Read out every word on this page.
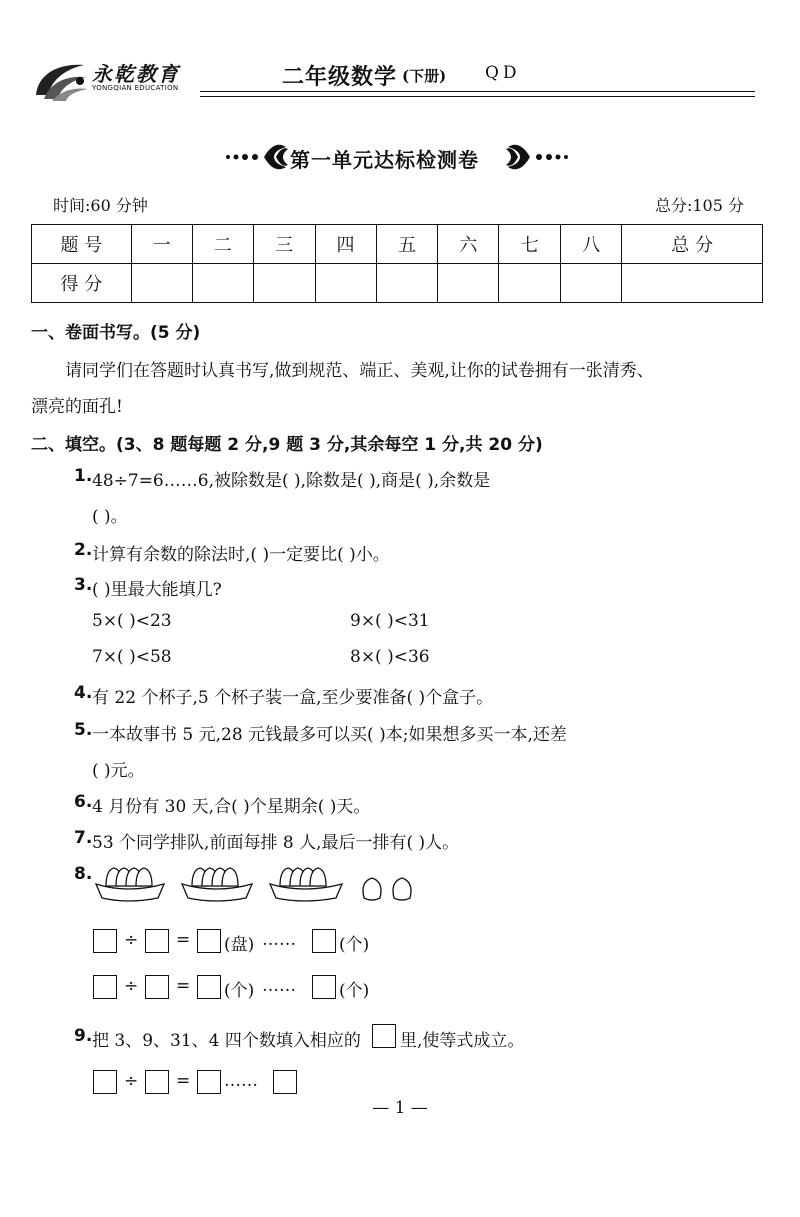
永乾教育
YONGQIAN EDUCATION	二年级数学 (下册) QD
第一单元达标检测卷
时间:60 分钟	总分:105 分
题 号	一	二	三	四	五	六	七	八	总 分
得 分									
一、卷面书写。(5 分)
请同学们在答题时认真书写,做到规范、端正、美观,让你的试卷拥有一张清秀、
漂亮的面孔!
二、填空。(3、8 题每题 2 分,9 题 3 分,其余每空 1 分,共 20 分)
1. 48÷7=6……6,被除数是( ),除数是( ),商是( ),余数是
( )。
2. 计算有余数的除法时,( )一定要比( )小。
3. ( )里最大能填几?
5×( )<23	9×( )<31
7×( )<58	8×( )<36
4. 有 22 个杯子,5 个杯子装一盒,至少要准备( )个盒子。
5. 一本故事书 5 元,28 元钱最多可以买( )本;如果想多买一本,还差
( )元。
6. 4 月份有 30 天,合( )个星期余( )天。
7. 53 个同学排队,前面每排 8 人,最后一排有( )人。
8.
÷ = (盘) ……	(个)
÷ = (个) ……	(个)
9. 把 3、9、31、4 四个数填入相应的 里,使等式成立。
÷ = ……
— 1 —
